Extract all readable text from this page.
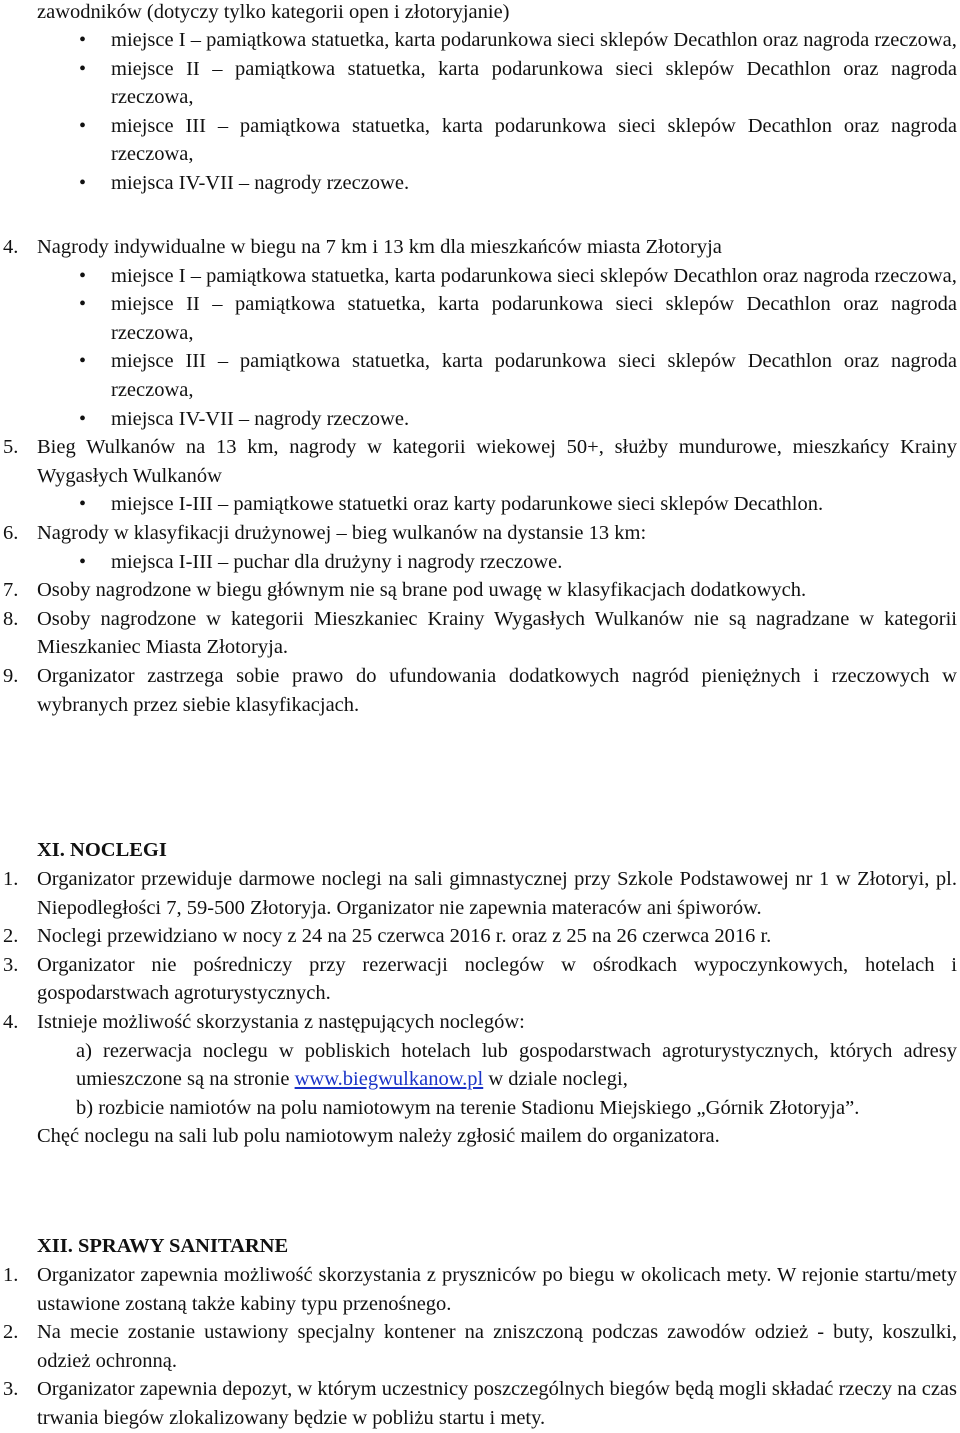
zawodników (dotyczy tylko kategorii open i złotoryjanie)

• miejsce I – pamiątkowa statuetka, karta podarunkowa sieci sklepów Decathlon oraz nagroda rzeczowa,
• miejsce II – pamiątkowa statuetka, karta podarunkowa sieci sklepów Decathlon oraz nagroda rzeczowa,
• miejsce III – pamiątkowa statuetka, karta podarunkowa sieci sklepów Decathlon oraz nagroda rzeczowa,
• miejsca IV-VII – nagrody rzeczowe.
4. Nagrody indywidualne w biegu na 7 km i 13 km dla mieszkańców miasta Złotoryja
• miejsce I – pamiątkowa statuetka, karta podarunkowa sieci sklepów Decathlon oraz nagroda rzeczowa,
• miejsce II – pamiątkowa statuetka, karta podarunkowa sieci sklepów Decathlon oraz nagroda rzeczowa,
• miejsce III – pamiątkowa statuetka, karta podarunkowa sieci sklepów Decathlon oraz nagroda rzeczowa,
• miejsca IV-VII – nagrody rzeczowe.
5. Bieg Wulkanów na 13 km, nagrody w kategorii wiekowej 50+, służby mundurowe, mieszkańcy Krainy Wygasłych Wulkanów
• miejsce I-III – pamiątkowe statuetki oraz karty podarunkowe sieci sklepów Decathlon.
6. Nagrody w klasyfikacji drużynowej – bieg wulkanów na dystansie 13 km:
• miejsca I-III – puchar dla drużyny i nagrody rzeczowe.
7. Osoby nagrodzone w biegu głównym nie są brane pod uwagę w klasyfikacjach dodatkowych.
8. Osoby nagrodzone w kategorii Mieszkaniec Krainy Wygasłych Wulkanów nie są nagradzane w kategorii Mieszkaniec Miasta Złotoryja.
9. Organizator zastrzega sobie prawo do ufundowania dodatkowych nagród pieniężnych i rzeczowych w wybranych przez siebie klasyfikacjach.
XI. NOCLEGI
1. Organizator przewiduje darmowe noclegi na sali gimnastycznej przy Szkole Podstawowej nr 1 w Złotoryi, pl. Niepodległości 7, 59-500 Złotoryja. Organizator nie zapewnia materaców ani śpiworów.
2. Noclegi przewidziano w nocy z 24 na 25 czerwca 2016 r. oraz z 25 na 26 czerwca 2016 r.
3. Organizator nie pośredniczy przy rezerwacji noclegów w ośrodkach wypoczynkowych, hotelach i gospodarstwach agroturystycznych.
4. Istnieje możliwość skorzystania z następujących noclegów:
a) rezerwacja noclegu w pobliskich hotelach lub gospodarstwach agroturystycznych, których adresy umieszczone są na stronie www.biegwulkanow.pl w dziale noclegi,
b) rozbicie namiotów na polu namiotowym na terenie Stadionu Miejskiego „Górnik Złotoryja”.
Chęć noclegu na sali lub polu namiotowym należy zgłosić mailem do organizatora.
XII. SPRAWY SANITARNE
1. Organizator zapewnia możliwość skorzystania z pryszniców po biegu w okolicach mety. W rejonie startu/mety ustawione zostaną także kabiny typu przenośnego.
2. Na mecie zostanie ustawiony specjalny kontener na zniszczoną podczas zawodów odzież - buty, koszulki, odzież ochronną.
3. Organizator zapewnia depozyt, w którym uczestnicy poszczególnych biegów będą mogli składać rzeczy na czas trwania biegów zlokalizowany będzie w pobliżu startu i mety.
